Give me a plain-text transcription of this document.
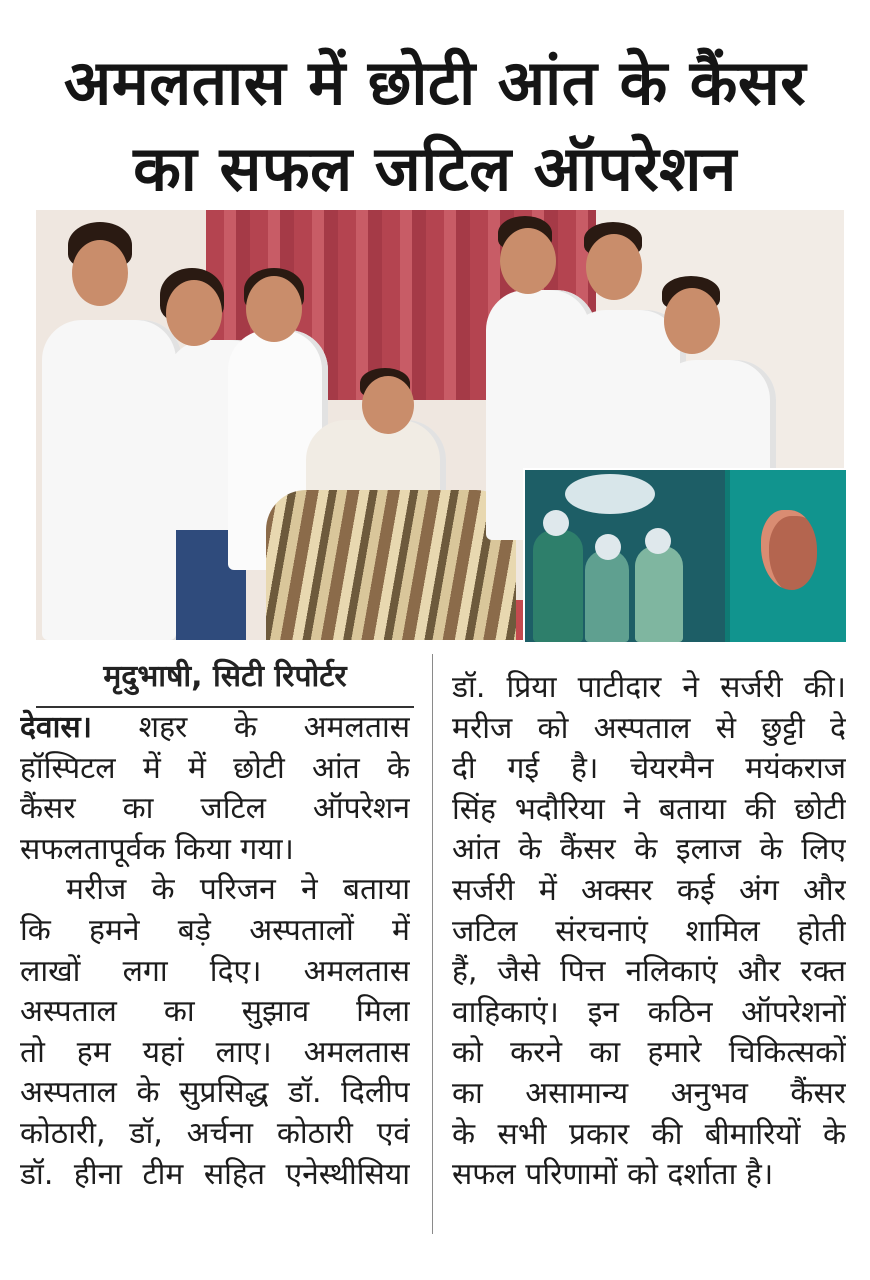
अमलतास में छोटी आंत के कैंसर
का सफल जटिल ऑपरेशन
मृदुभाषी, सिटी रिपोर्टर
देवास। शहर के अमलतास
हॉस्पिटल में में छोटी आंत के
कैंसर का जटिल ऑपरेशन
सफलतापूर्वक किया गया।
मरीज के परिजन ने बताया
कि हमने बड़े अस्पतालों में
लाखों लगा दिए। अमलतास
अस्पताल का सुझाव मिला
तो हम यहां लाए। अमलतास
अस्पताल के सुप्रसिद्ध डॉ. दिलीप
कोठारी, डॉ, अर्चना कोठारी एवं
डॉ. हीना टीम सहित एनेस्थीसिया
डॉ. प्रिया पाटीदार ने सर्जरी की।
मरीज को अस्पताल से छुट्टी दे
दी गई है। चेयरमैन मयंकराज
सिंह भदौरिया ने बताया की छोटी
आंत के कैंसर के इलाज के लिए
सर्जरी में अक्सर कई अंग और
जटिल संरचनाएं शामिल होती
हैं, जैसे पित्त नलिकाएं और रक्त
वाहिकाएं। इन कठिन ऑपरेशनों
को करने का हमारे चिकित्सकों
का असामान्य अनुभव कैंसर
के सभी प्रकार की बीमारियों के
सफल परिणामों को दर्शाता है।
